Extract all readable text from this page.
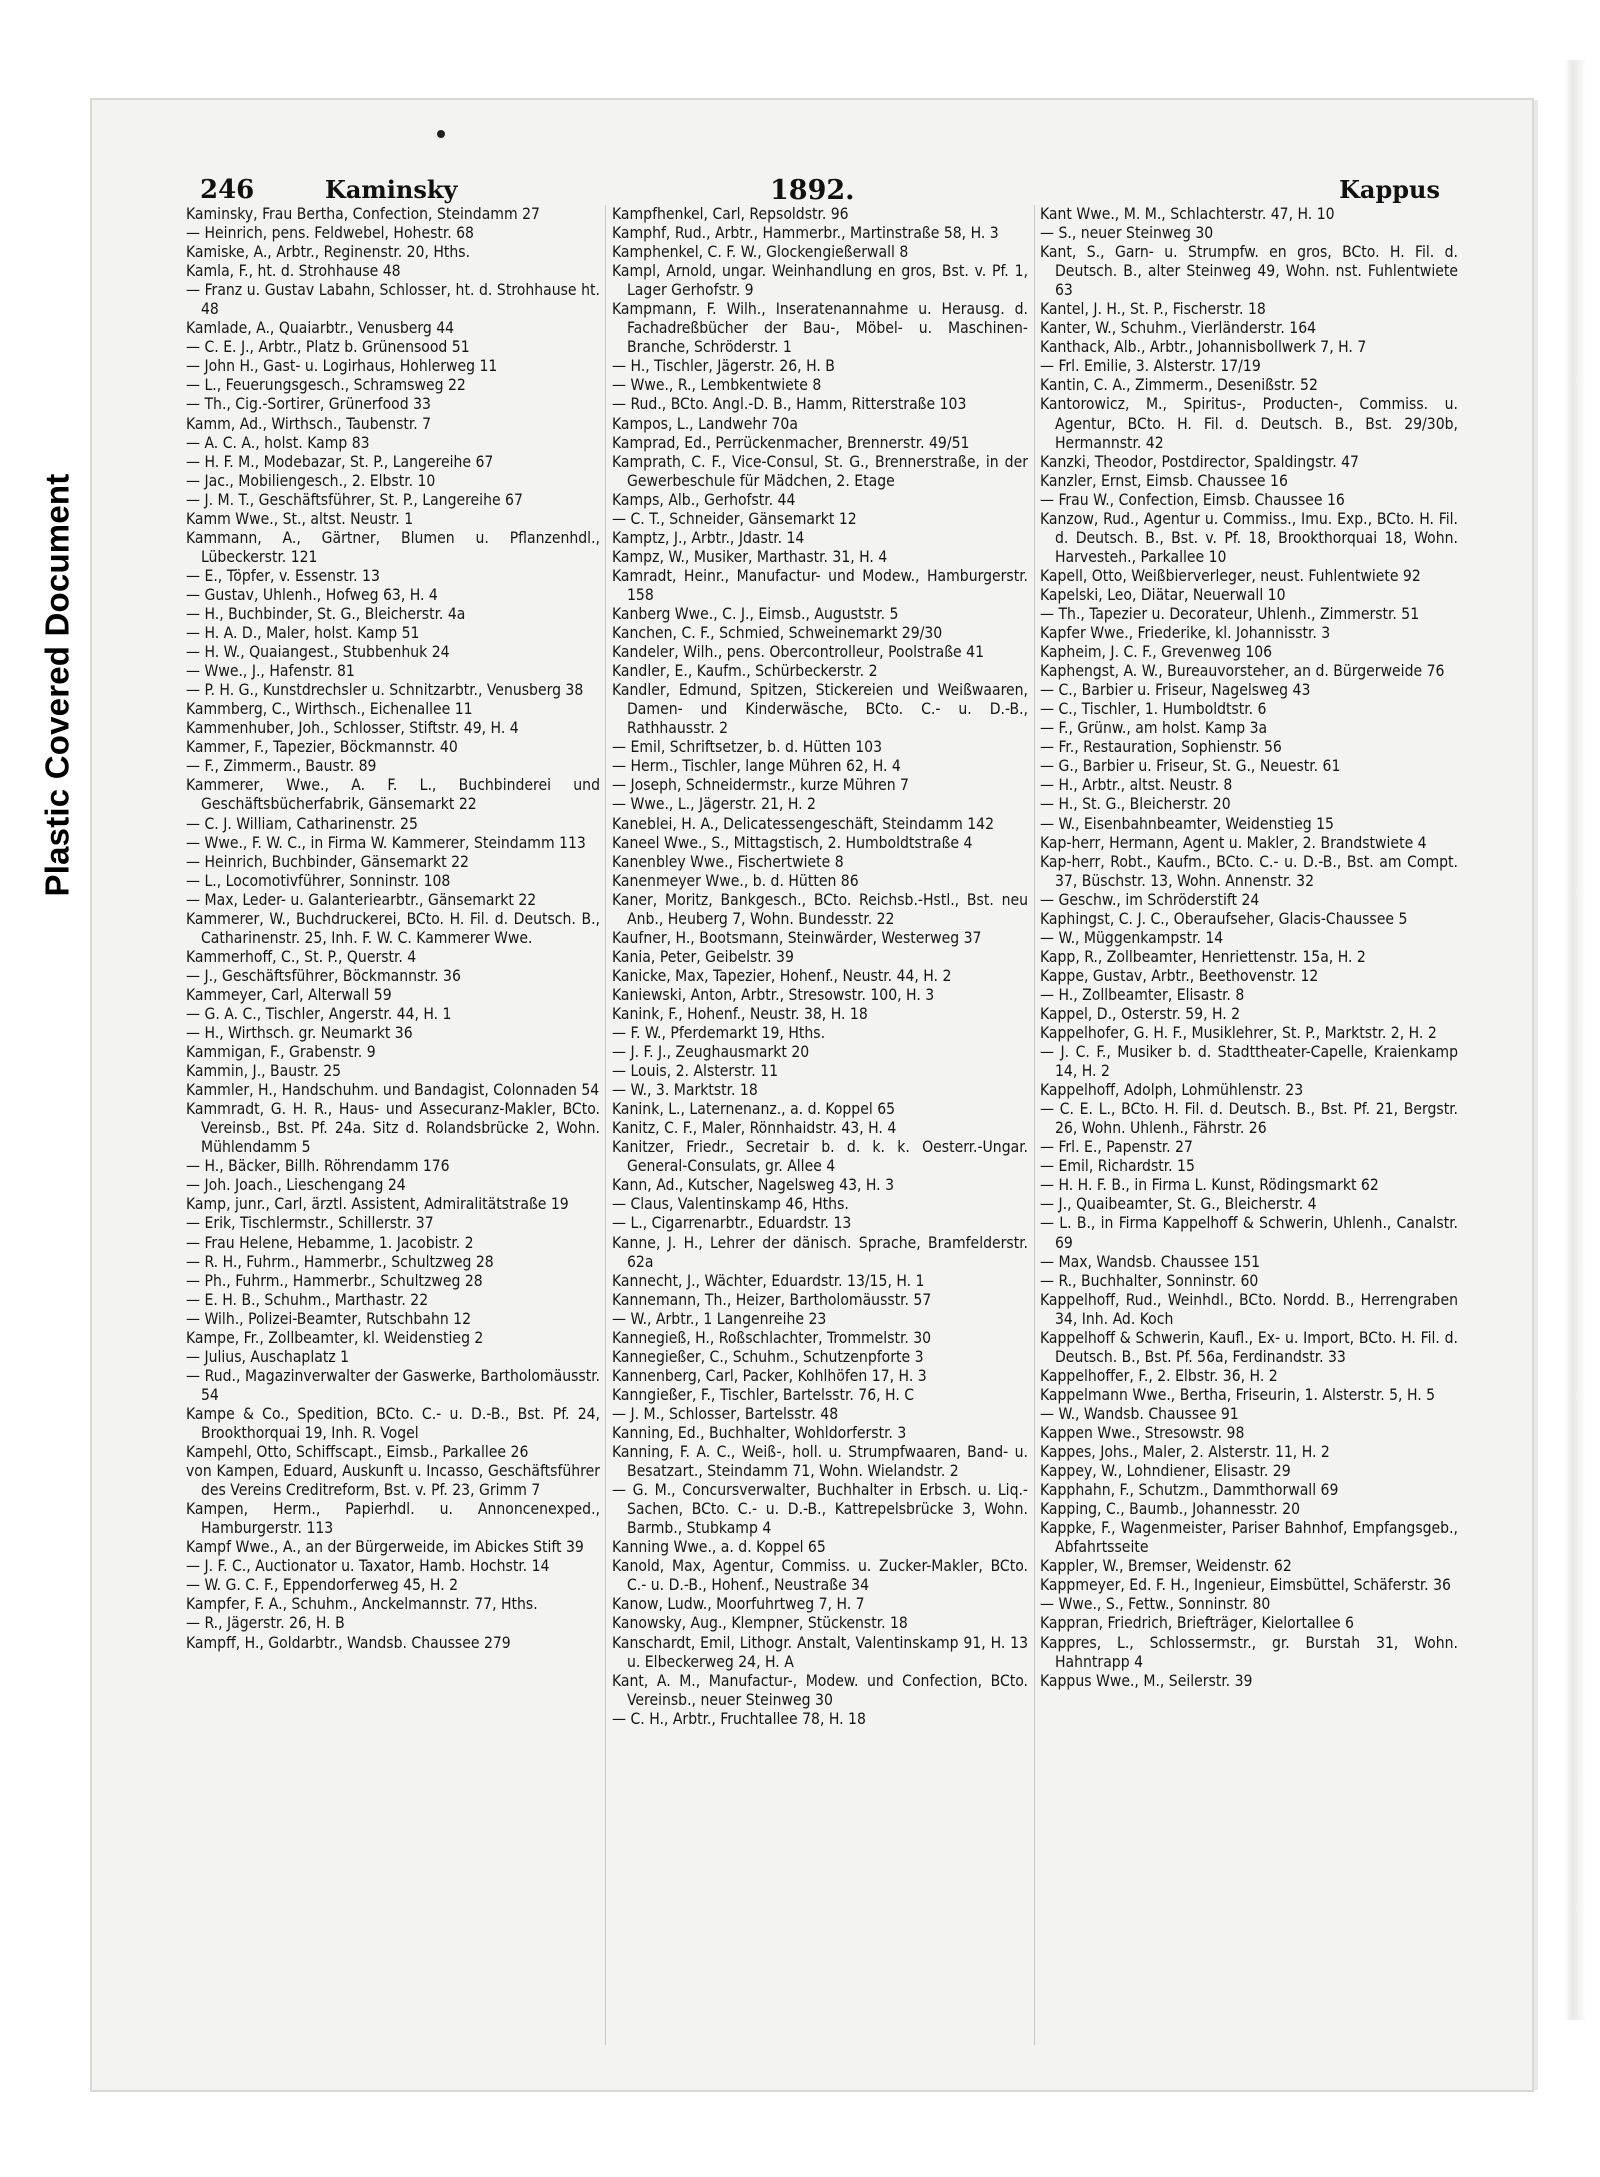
Plastic Covered Document
246	Kaminsky	1892.	Kappus

Kaminsky, Frau Bertha, Confection, Steindamm 27

— Heinrich, pens. Feldwebel, Hohestr. 68

Kamiske, A., Arbtr., Reginenstr. 20, Hths.

Kamla, F., ht. d. Strohhause 48

— Franz u. Gustav Labahn, Schlosser, ht. d. Strohhause ht. 48

Kamlade, A., Quaiarbtr., Venusberg 44

— C. E. J., Arbtr., Platz b. Grünensood 51

— John H., Gast- u. Logirhaus, Hohlerweg 11

— L., Feuerungsgesch., Schramsweg 22

— Th., Cig.-Sortirer, Grünerfood 33

Kamm, Ad., Wirthsch., Taubenstr. 7

— A. C. A., holst. Kamp 83

— H. F. M., Modebazar, St. P., Langereihe 67

— Jac., Mobiliengesch., 2. Elbstr. 10

— J. M. T., Geschäftsführer, St. P., Langereihe 67

Kamm Wwe., St., altst. Neustr. 1

Kammann, A., Gärtner, Blumen u. Pflanzenhdl., Lübeckerstr. 121

— E., Töpfer, v. Essenstr. 13

— Gustav, Uhlenh., Hofweg 63, H. 4

— H., Buchbinder, St. G., Bleicherstr. 4a

— H. A. D., Maler, holst. Kamp 51

— H. W., Quaiangest., Stubbenhuk 24

— Wwe., J., Hafenstr. 81

— P. H. G., Kunstdrechsler u. Schnitzarbtr., Venusberg 38

Kammberg, C., Wirthsch., Eichenallee 11

Kammenhuber, Joh., Schlosser, Stiftstr. 49, H. 4

Kammer, F., Tapezier, Böckmannstr. 40

— F., Zimmerm., Baustr. 89

Kammerer, Wwe., A. F. L., Buchbinderei und Geschäftsbücherfabrik, Gänsemarkt 22

— C. J. William, Catharinenstr. 25

— Wwe., F. W. C., in Firma W. Kammerer, Steindamm 113

— Heinrich, Buchbinder, Gänsemarkt 22

— L., Locomotivführer, Sonninstr. 108

— Max, Leder- u. Galanteriearbtr., Gänsemarkt 22

Kammerer, W., Buchdruckerei, BCto. H. Fil. d. Deutsch. B., Catharinenstr. 25, Inh. F. W. C. Kammerer Wwe.

Kammerhoff, C., St. P., Querstr. 4

— J., Geschäftsführer, Böckmannstr. 36

Kammeyer, Carl, Alterwall 59

— G. A. C., Tischler, Angerstr. 44, H. 1

— H., Wirthsch. gr. Neumarkt 36

Kammigan, F., Grabenstr. 9

Kammin, J., Baustr. 25

Kammler, H., Handschuhm. und Bandagist, Colonnaden 54

Kammradt, G. H. R., Haus- und Assecuranz-Makler, BCto. Vereinsb., Bst. Pf. 24a. Sitz d. Rolandsbrücke 2, Wohn. Mühlendamm 5

— H., Bäcker, Billh. Röhrendamm 176

— Joh. Joach., Lieschengang 24

Kamp, junr., Carl, ärztl. Assistent, Admiralitätstraße 19

— Erik, Tischlermstr., Schillerstr. 37

— Frau Helene, Hebamme, 1. Jacobistr. 2

— R. H., Fuhrm., Hammerbr., Schultzweg 28

— Ph., Fuhrm., Hammerbr., Schultzweg 28

— E. H. B., Schuhm., Marthastr. 22

— Wilh., Polizei-Beamter, Rutschbahn 12

Kampe, Fr., Zollbeamter, kl. Weidenstieg 2

— Julius, Auschaplatz 1

— Rud., Magazinverwalter der Gaswerke, Bartholomäusstr. 54

Kampe & Co., Spedition, BCto. C.- u. D.-B., Bst. Pf. 24, Brookthorquai 19, Inh. R. Vogel

Kampehl, Otto, Schiffscapt., Eimsb., Parkallee 26

von Kampen, Eduard, Auskunft u. Incasso, Geschäftsführer des Vereins Creditreform, Bst. v. Pf. 23, Grimm 7

Kampen, Herm., Papierhdl. u. Annoncenexped., Hamburgerstr. 113

Kampf Wwe., A., an der Bürgerweide, im Abickes Stift 39

— J. F. C., Auctionator u. Taxator, Hamb. Hochstr. 14

— W. G. C. F., Eppendorferweg 45, H. 2

Kampfer, F. A., Schuhm., Anckelmannstr. 77, Hths.

— R., Jägerstr. 26, H. B

Kampff, H., Goldarbtr., Wandsb. Chaussee 279

Kampfhenkel, Carl, Repsoldstr. 96

Kamphf, Rud., Arbtr., Hammerbr., Martinstraße 58, H. 3

Kamphenkel, C. F. W., Glockengießerwall 8

Kampl, Arnold, ungar. Weinhandlung en gros, Bst. v. Pf. 1, Lager Gerhofstr. 9

Kampmann, F. Wilh., Inseratenannahme u. Herausg. d. Fachadreßbücher der Bau-, Möbel- u. Maschinen-Branche, Schröderstr. 1

— H., Tischler, Jägerstr. 26, H. B

— Wwe., R., Lembkentwiete 8

— Rud., BCto. Angl.-D. B., Hamm, Ritterstraße 103

Kampos, L., Landwehr 70a

Kamprad, Ed., Perrückenmacher, Brennerstr. 49/51

Kamprath, C. F., Vice-Consul, St. G., Brennerstraße, in der Gewerbeschule für Mädchen, 2. Etage

Kamps, Alb., Gerhofstr. 44

— C. T., Schneider, Gänsemarkt 12

Kamptz, J., Arbtr., Jdastr. 14

Kampz, W., Musiker, Marthastr. 31, H. 4

Kamradt, Heinr., Manufactur- und Modew., Hamburgerstr. 158

Kanberg Wwe., C. J., Eimsb., Auguststr. 5

Kanchen, C. F., Schmied, Schweinemarkt 29/30

Kandeler, Wilh., pens. Obercontrolleur, Poolstraße 41

Kandler, E., Kaufm., Schürbeckerstr. 2

Kandler, Edmund, Spitzen, Stickereien und Weißwaaren, Damen- und Kinderwäsche, BCto. C.- u. D.-B., Rathhausstr. 2

— Emil, Schriftsetzer, b. d. Hütten 103

— Herm., Tischler, lange Mühren 62, H. 4

— Joseph, Schneidermstr., kurze Mühren 7

— Wwe., L., Jägerstr. 21, H. 2

Kaneblei, H. A., Delicatessengeschäft, Steindamm 142

Kaneel Wwe., S., Mittagstisch, 2. Humboldtstraße 4

Kanenbley Wwe., Fischertwiete 8

Kanenmeyer Wwe., b. d. Hütten 86

Kaner, Moritz, Bankgesch., BCto. Reichsb.-Hstl., Bst. neu Anb., Heuberg 7, Wohn. Bundesstr. 22

Kaufner, H., Bootsmann, Steinwärder, Westerweg 37

Kania, Peter, Geibelstr. 39

Kanicke, Max, Tapezier, Hohenf., Neustr. 44, H. 2

Kaniewski, Anton, Arbtr., Stresowstr. 100, H. 3

Kanink, F., Hohenf., Neustr. 38, H. 18

— F. W., Pferdemarkt 19, Hths.

— J. F. J., Zeughausmarkt 20

— Louis, 2. Alsterstr. 11

— W., 3. Marktstr. 18

Kanink, L., Laternenanz., a. d. Koppel 65

Kanitz, C. F., Maler, Rönnhaidstr. 43, H. 4

Kanitzer, Friedr., Secretair b. d. k. k. Oesterr.-Ungar. General-Consulats, gr. Allee 4

Kann, Ad., Kutscher, Nagelsweg 43, H. 3

— Claus, Valentinskamp 46, Hths.

— L., Cigarrenarbtr., Eduardstr. 13

Kanne, J. H., Lehrer der dänisch. Sprache, Bramfelderstr. 62a

Kannecht, J., Wächter, Eduardstr. 13/15, H. 1

Kannemann, Th., Heizer, Bartholomäusstr. 57

— W., Arbtr., 1 Langenreihe 23

Kannegieß, H., Roßschlachter, Trommelstr. 30

Kannegießer, C., Schuhm., Schutzenpforte 3

Kannenberg, Carl, Packer, Kohlhöfen 17, H. 3

Kanngießer, F., Tischler, Bartelsstr. 76, H. C

— J. M., Schlosser, Bartelsstr. 48

Kanning, Ed., Buchhalter, Wohldorferstr. 3

Kanning, F. A. C., Weiß-, holl. u. Strumpfwaaren, Band- u. Besatzart., Steindamm 71, Wohn. Wielandstr. 2

— G. M., Concursverwalter, Buchhalter in Erbsch. u. Liq.-Sachen, BCto. C.- u. D.-B., Kattrepelsbrücke 3, Wohn. Barmb., Stubkamp 4

Kanning Wwe., a. d. Koppel 65

Kanold, Max, Agentur, Commiss. u. Zucker-Makler, BCto. C.- u. D.-B., Hohenf., Neustraße 34

Kanow, Ludw., Moorfuhrtweg 7, H. 7

Kanowsky, Aug., Klempner, Stückenstr. 18

Kanschardt, Emil, Lithogr. Anstalt, Valentinskamp 91, H. 13 u. Elbeckerweg 24, H. A

Kant, A. M., Manufactur-, Modew. und Confection, BCto. Vereinsb., neuer Steinweg 30

— C. H., Arbtr., Fruchtallee 78, H. 18

Kant Wwe., M. M., Schlachterstr. 47, H. 10

— S., neuer Steinweg 30

Kant, S., Garn- u. Strumpfw. en gros, BCto. H. Fil. d. Deutsch. B., alter Steinweg 49, Wohn. nst. Fuhlentwiete 63

Kantel, J. H., St. P., Fischerstr. 18

Kanter, W., Schuhm., Vierländerstr. 164

Kanthack, Alb., Arbtr., Johannisbollwerk 7, H. 7

— Frl. Emilie, 3. Alsterstr. 17/19

Kantin, C. A., Zimmerm., Desenißstr. 52

Kantorowicz, M., Spiritus-, Producten-, Commiss. u. Agentur, BCto. H. Fil. d. Deutsch. B., Bst. 29/30b, Hermannstr. 42

Kanzki, Theodor, Postdirector, Spaldingstr. 47

Kanzler, Ernst, Eimsb. Chaussee 16

— Frau W., Confection, Eimsb. Chaussee 16

Kanzow, Rud., Agentur u. Commiss., Imu. Exp., BCto. H. Fil. d. Deutsch. B., Bst. v. Pf. 18, Brookthorquai 18, Wohn. Harvesteh., Parkallee 10

Kapell, Otto, Weißbierverleger, neust. Fuhlentwiete 92

Kapelski, Leo, Diätar, Neuerwall 10

— Th., Tapezier u. Decorateur, Uhlenh., Zimmerstr. 51

Kapfer Wwe., Friederike, kl. Johannisstr. 3

Kapheim, J. C. F., Grevenweg 106

Kaphengst, A. W., Bureauvorsteher, an d. Bürgerweide 76

— C., Barbier u. Friseur, Nagelsweg 43

— C., Tischler, 1. Humboldtstr. 6

— F., Grünw., am holst. Kamp 3a

— Fr., Restauration, Sophienstr. 56

— G., Barbier u. Friseur, St. G., Neuestr. 61

— H., Arbtr., altst. Neustr. 8

— H., St. G., Bleicherstr. 20

— W., Eisenbahnbeamter, Weidenstieg 15

Kap-herr, Hermann, Agent u. Makler, 2. Brandstwiete 4

Kap-herr, Robt., Kaufm., BCto. C.- u. D.-B., Bst. am Compt. 37, Büschstr. 13, Wohn. Annenstr. 32

— Geschw., im Schröderstift 24

Kaphingst, C. J. C., Oberaufseher, Glacis-Chaussee 5

— W., Müggenkampstr. 14

Kapp, R., Zollbeamter, Henriettenstr. 15a, H. 2

Kappe, Gustav, Arbtr., Beethovenstr. 12

— H., Zollbeamter, Elisastr. 8

Kappel, D., Osterstr. 59, H. 2

Kappelhofer, G. H. F., Musiklehrer, St. P., Marktstr. 2, H. 2

— J. C. F., Musiker b. d. Stadttheater-Capelle, Kraienkamp 14, H. 2

Kappelhoff, Adolph, Lohmühlenstr. 23

— C. E. L., BCto. H. Fil. d. Deutsch. B., Bst. Pf. 21, Bergstr. 26, Wohn. Uhlenh., Fährstr. 26

— Frl. E., Papenstr. 27

— Emil, Richardstr. 15

— H. H. F. B., in Firma L. Kunst, Rödingsmarkt 62

— J., Quaibeamter, St. G., Bleicherstr. 4

— L. B., in Firma Kappelhoff & Schwerin, Uhlenh., Canalstr. 69

— Max, Wandsb. Chaussee 151

— R., Buchhalter, Sonninstr. 60

Kappelhoff, Rud., Weinhdl., BCto. Nordd. B., Herrengraben 34, Inh. Ad. Koch

Kappelhoff & Schwerin, Kaufl., Ex- u. Import, BCto. H. Fil. d. Deutsch. B., Bst. Pf. 56a, Ferdinandstr. 33

Kappelhoffer, F., 2. Elbstr. 36, H. 2

Kappelmann Wwe., Bertha, Friseurin, 1. Alsterstr. 5, H. 5

— W., Wandsb. Chaussee 91

Kappen Wwe., Stresowstr. 98

Kappes, Johs., Maler, 2. Alsterstr. 11, H. 2

Kappey, W., Lohndiener, Elisastr. 29

Kapphahn, F., Schutzm., Dammthorwall 69

Kapping, C., Baumb., Johannesstr. 20

Kappke, F., Wagenmeister, Pariser Bahnhof, Empfangsgeb., Abfahrtsseite

Kappler, W., Bremser, Weidenstr. 62

Kappmeyer, Ed. F. H., Ingenieur, Eimsbüttel, Schäferstr. 36

— Wwe., S., Fettw., Sonninstr. 80

Kappran, Friedrich, Briefträger, Kielortallee 6

Kappres, L., Schlossermstr., gr. Burstah 31, Wohn. Hahntrapp 4

Kappus Wwe., M., Seilerstr. 39
